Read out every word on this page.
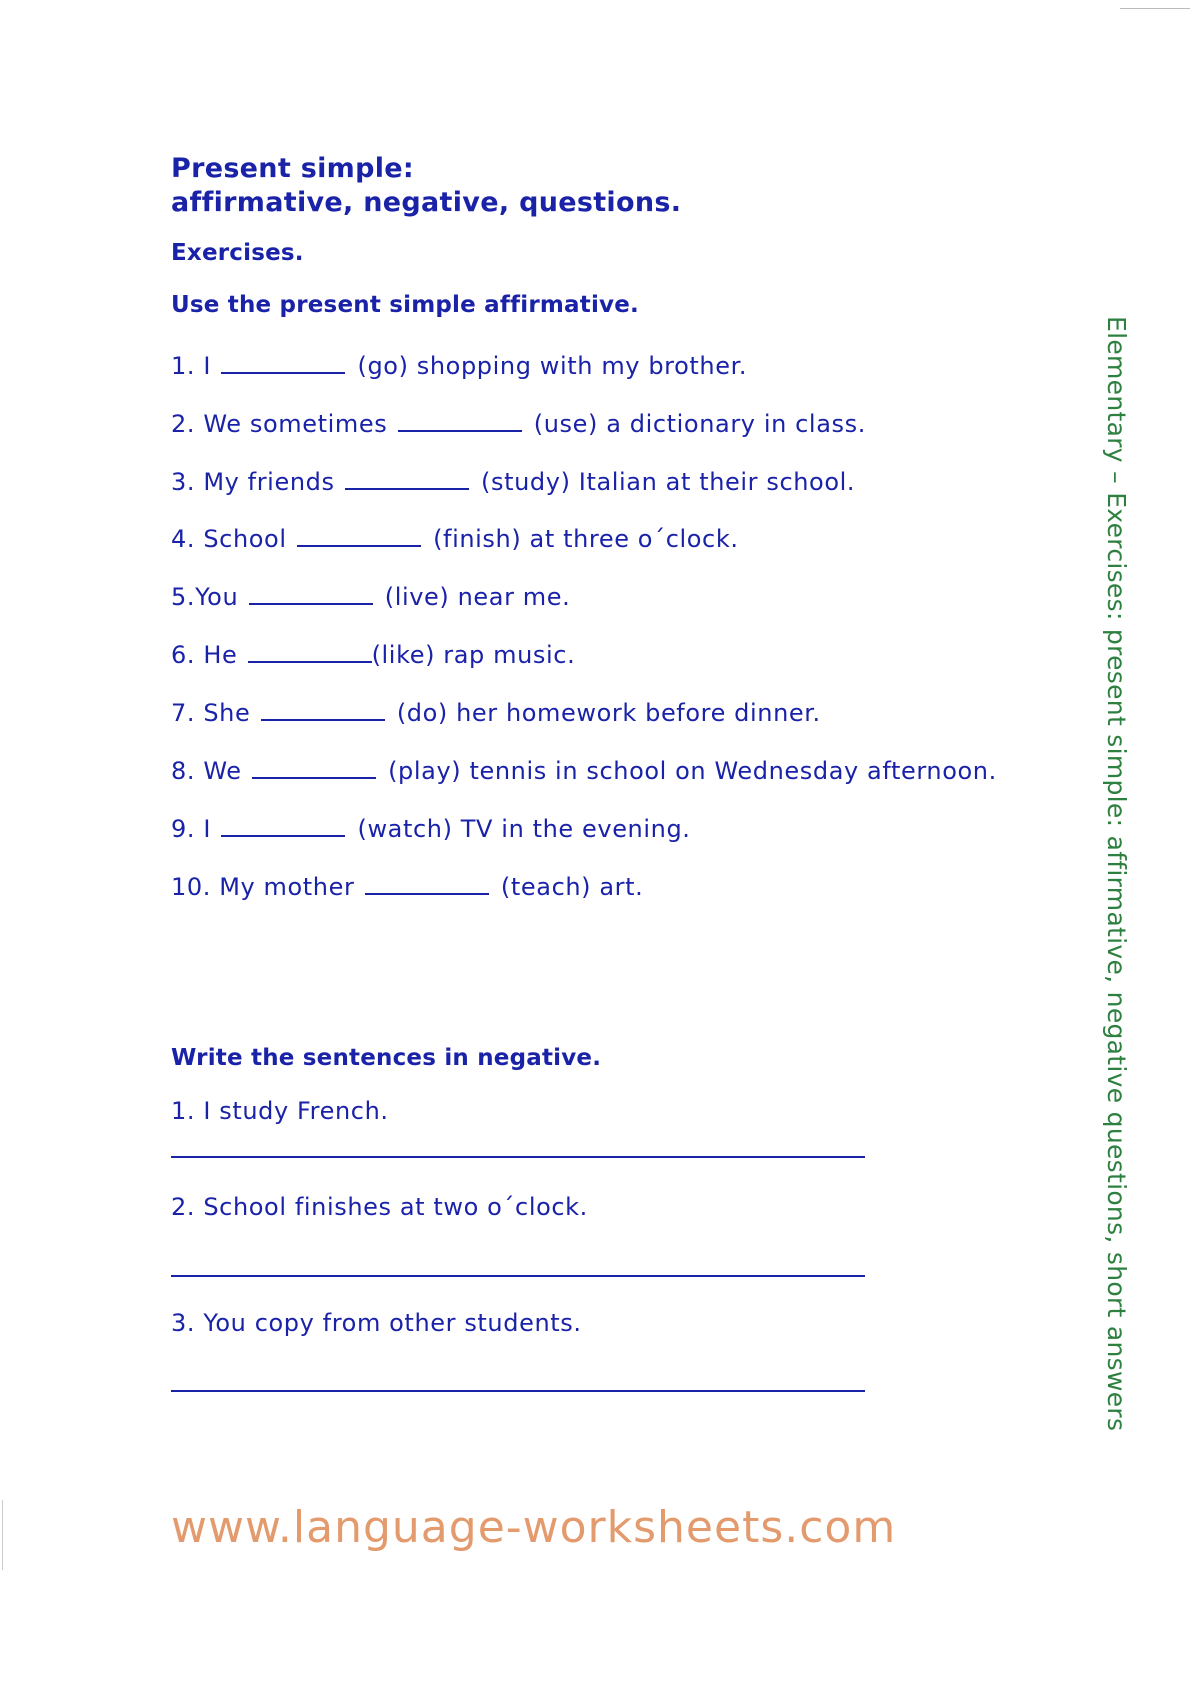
Present simple:
affirmative, negative, questions.
Exercises.
Use the present simple affirmative.
1. I	(go) shopping with my brother.
2. We sometimes	(use) a dictionary in class.
3. My friends	(study) Italian at their school.
4. School	(finish) at three o´clock.
5.You	(live) near me.
6. He	(like) rap music.
7. She	(do) her homework before dinner.
8. We	(play) tennis in school on Wednesday afternoon.
9. I	(watch) TV in the evening.
10. My mother	(teach) art.
Write the sentences in negative.
1. I study French.
2. School finishes at two o´clock.
3. You copy from other students.	Elementary – Exercises: present simple: affirmative, negative questions, short answers
www.language-worksheets.com
